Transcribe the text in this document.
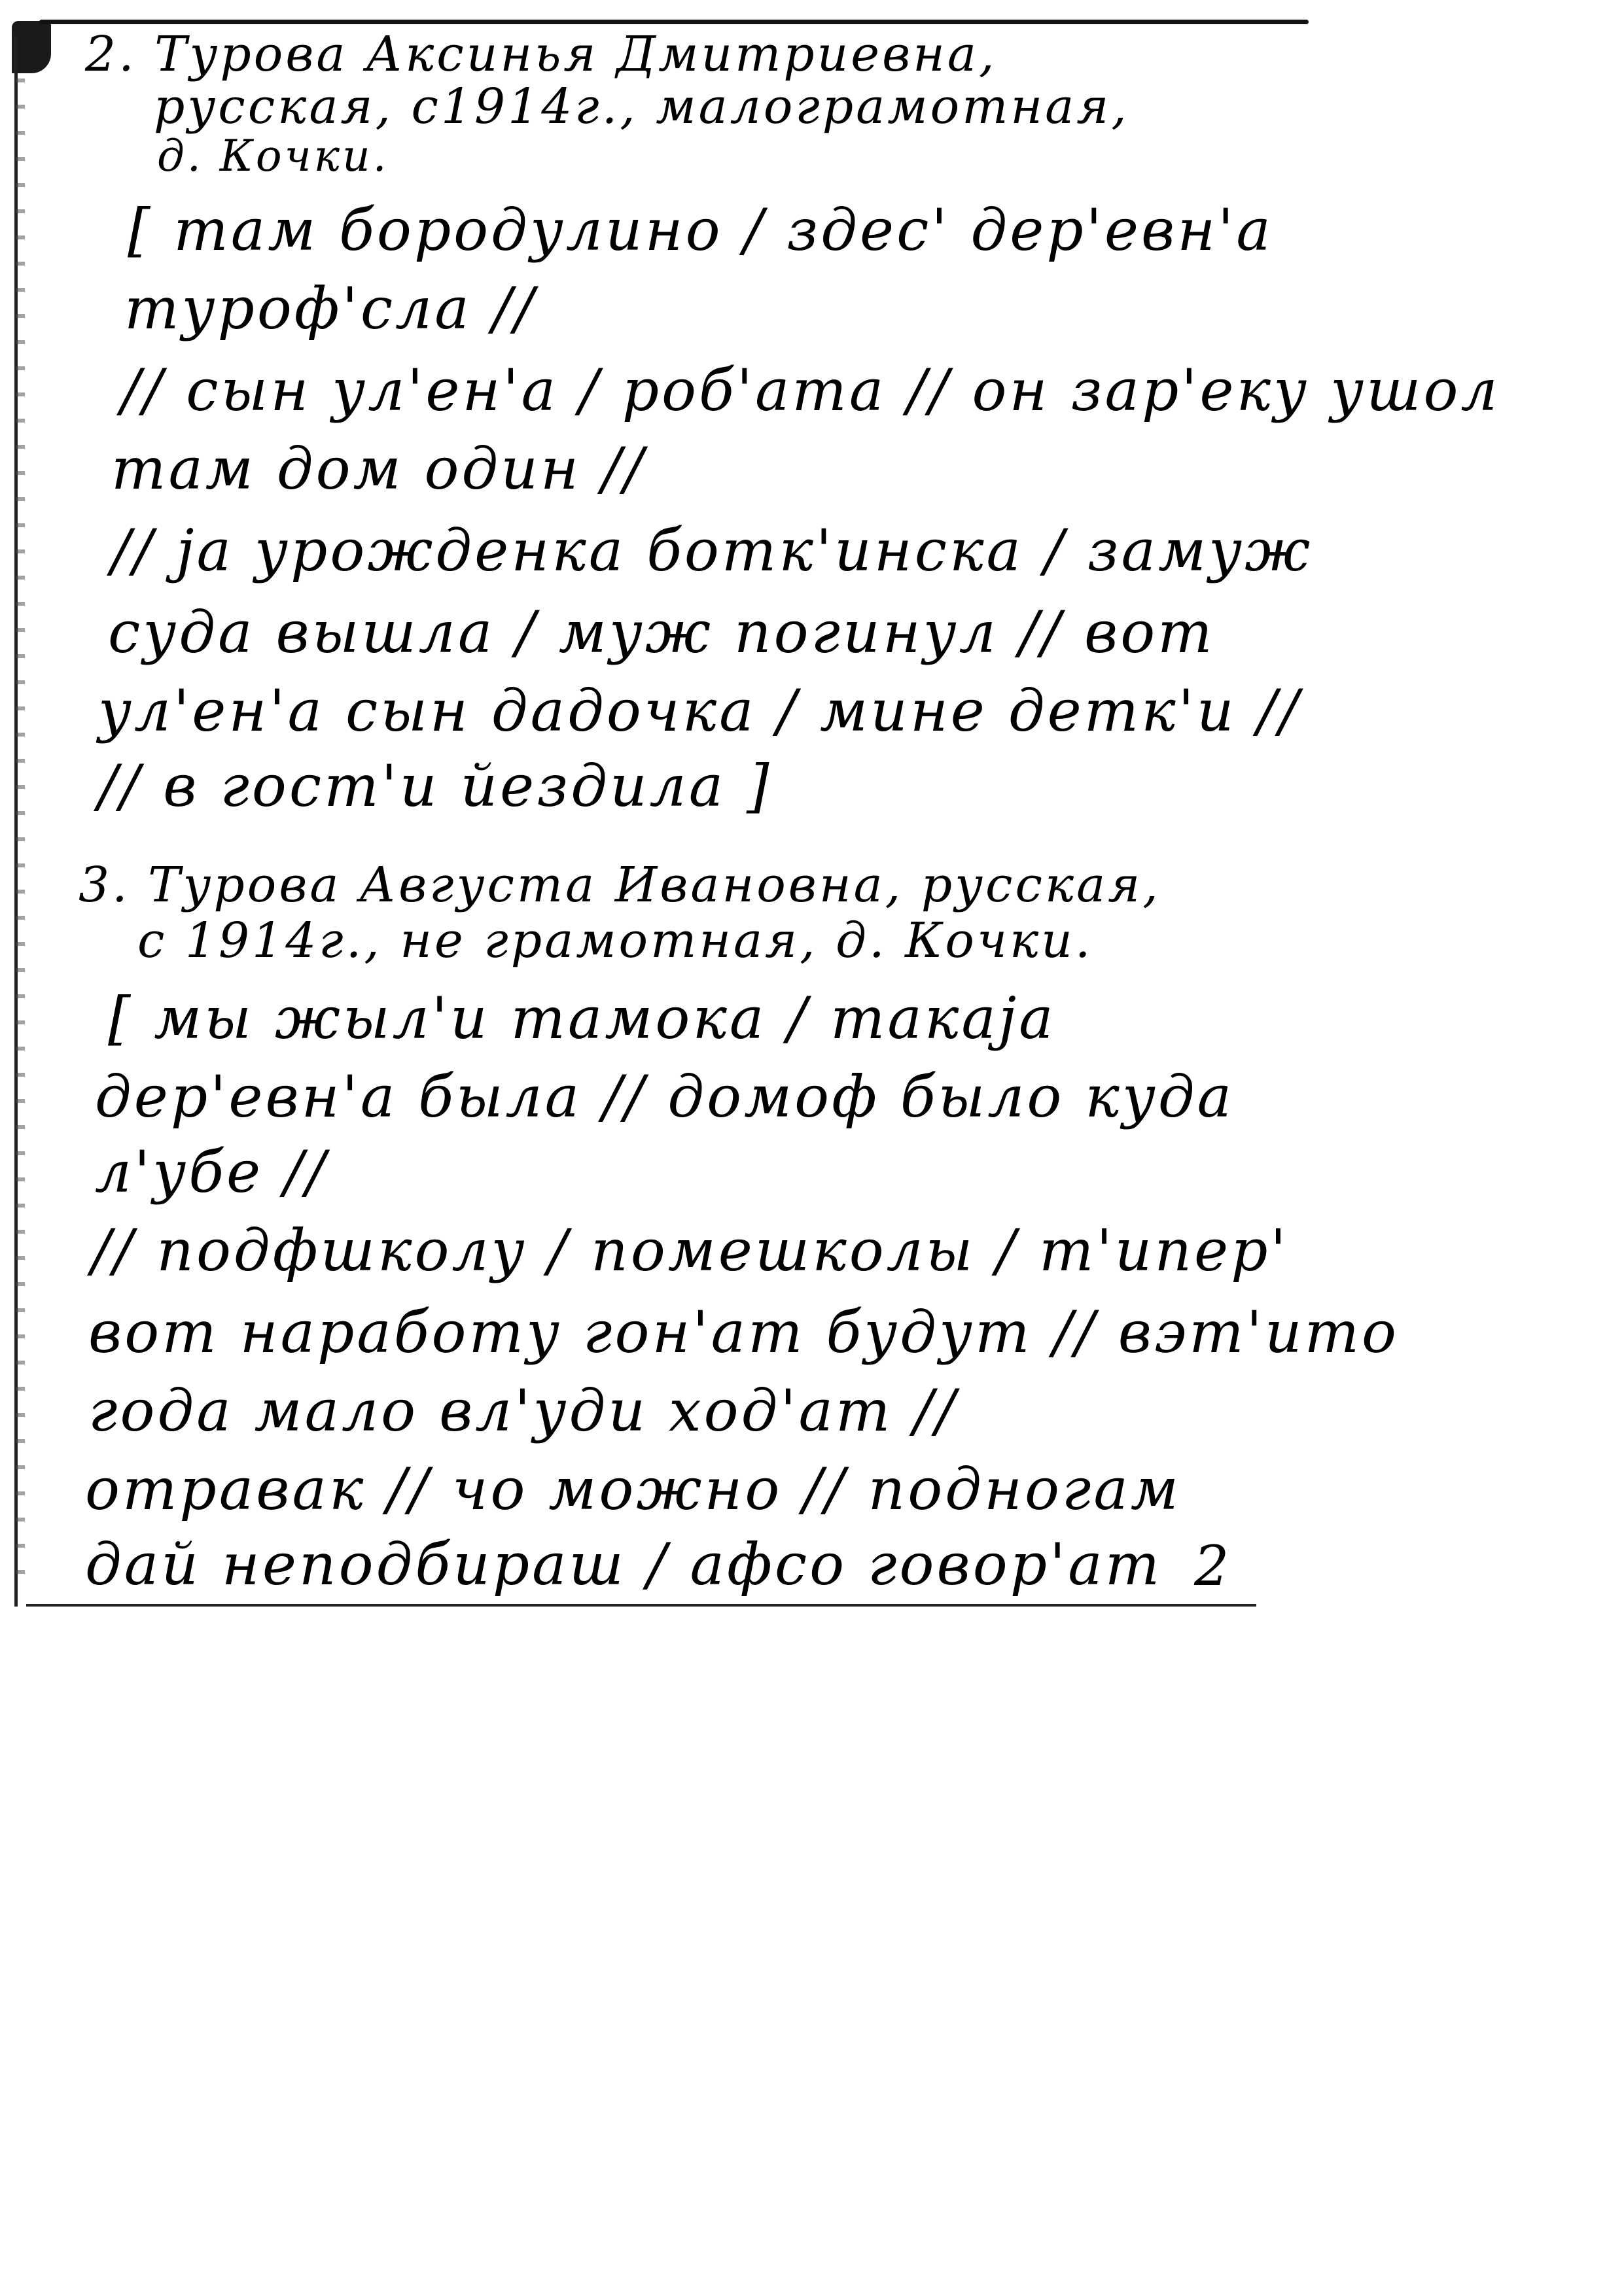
2. Турова Аксинья Дмитриевна,
русская, с1914г., малограмотная,
д. Кочки.
[ там бородулино / здес' дер'евн'а
туроф'сла //
// сын ул'ен'а / роб'ата // он зар'еку ушол
там дом один //
// ја урожденка ботк'инска / замуж
суда вышла / муж погинул // вот
ул'ен'а сын дадочка / мине детк'и //
// в гост'и йездила ]
3. Турова Августа Ивановна, русская,
с 1914г., не грамотная, д. Кочки.
[ мы жыл'и тамока / такаја
дер'евн'а была // домоф было куда
л'убе //
// подфшколу / помешколы / т'ипер'
вот наработу гон'ат будут // вэт'ито
года мало вл'уди ход'ат //
отравак // чо можно // подногам
дай неподбираш / афсо говор'ат 2
